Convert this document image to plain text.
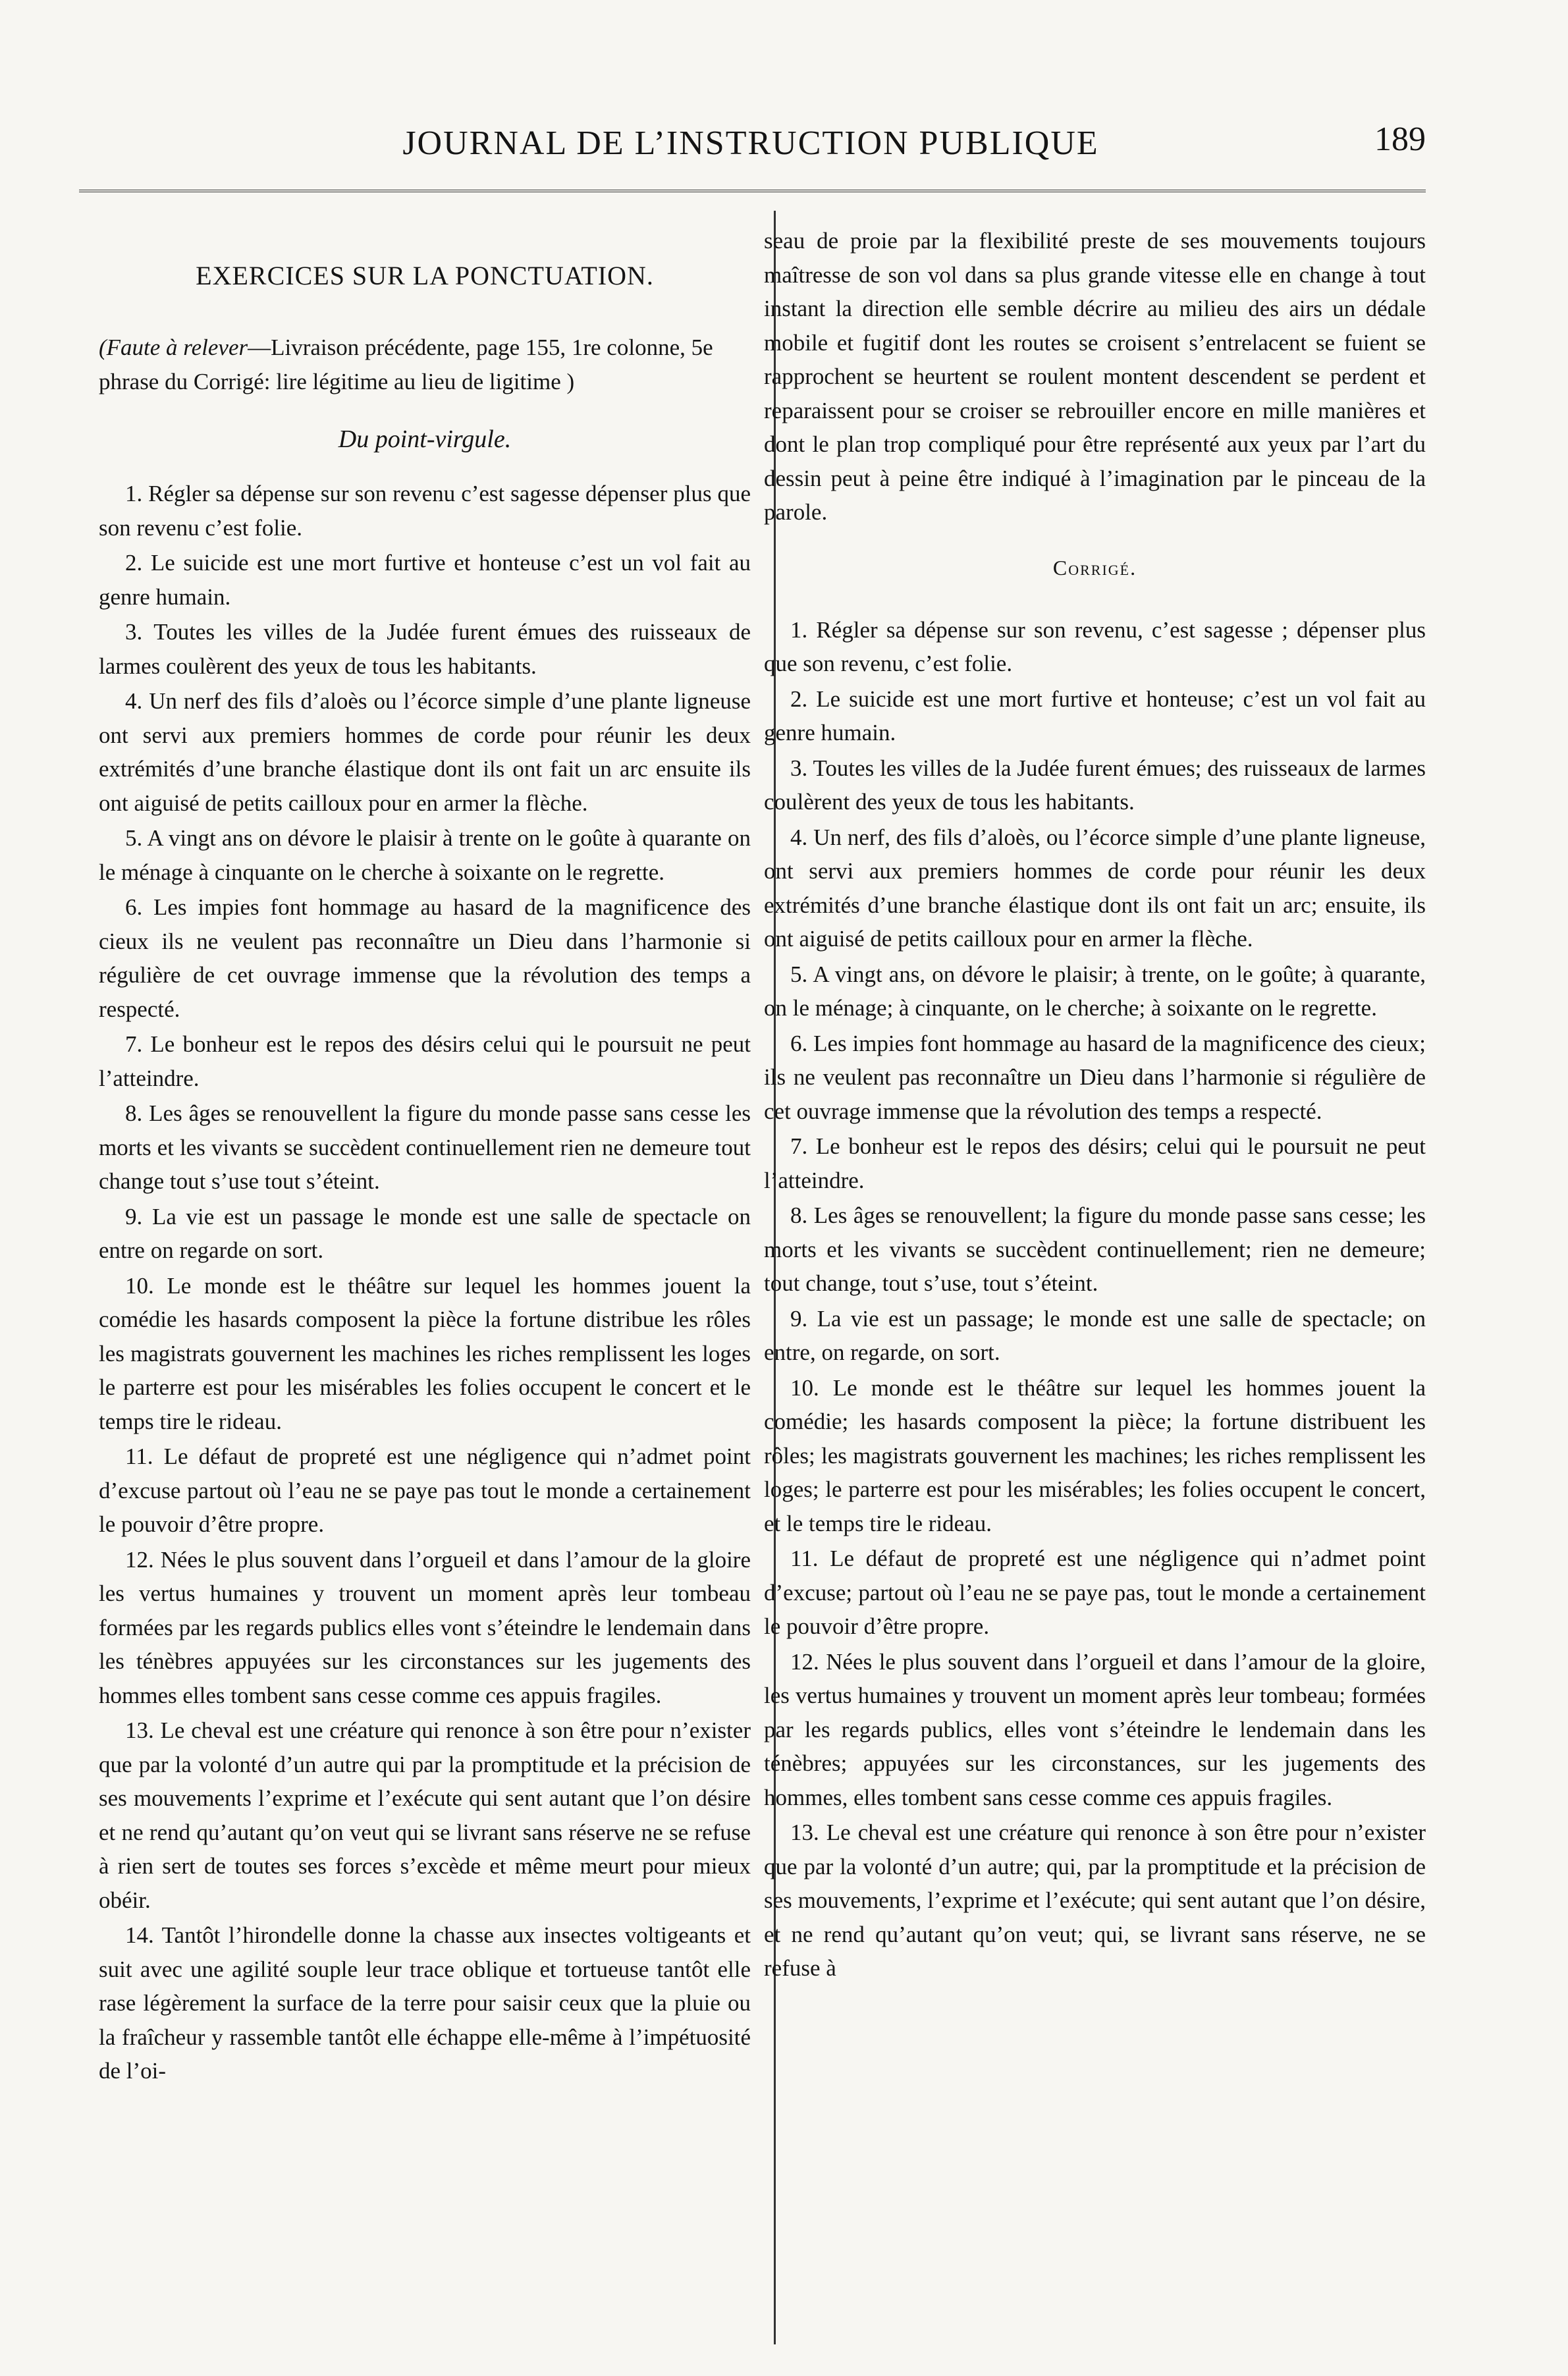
JOURNAL DE L’INSTRUCTION PUBLIQUE	189
EXERCICES SUR LA PONCTUATION.
(Faute à relever—Livraison précédente, page 155, 1re colonne, 5e phrase du Corrigé: lire légitime au lieu de ligitime )
Du point-virgule.

1. Régler sa dépense sur son revenu c’est sagesse dépenser plus que son revenu c’est folie.

2. Le suicide est une mort furtive et honteuse c’est un vol fait au genre humain.

3. Toutes les villes de la Judée furent émues des ruisseaux de larmes coulèrent des yeux de tous les habitants.

4. Un nerf des fils d’aloès ou l’écorce simple d’une plante ligneuse ont servi aux premiers hommes de corde pour réunir les deux extrémités d’une branche élastique dont ils ont fait un arc ensuite ils ont aiguisé de petits cailloux pour en armer la flèche.

5. A vingt ans on dévore le plaisir à trente on le goûte à quarante on le ménage à cinquante on le cherche à soixante on le regrette.

6. Les impies font hommage au hasard de la magnificence des cieux ils ne veulent pas reconnaître un Dieu dans l’harmonie si régulière de cet ouvrage immense que la révolution des temps a respecté.

7. Le bonheur est le repos des désirs celui qui le poursuit ne peut l’atteindre.

8. Les âges se renouvellent la figure du monde passe sans cesse les morts et les vivants se succèdent continuellement rien ne demeure tout change tout s’use tout s’éteint.

9. La vie est un passage le monde est une salle de spectacle on entre on regarde on sort.

10. Le monde est le théâtre sur lequel les hommes jouent la comédie les hasards composent la pièce la fortune distribue les rôles les magistrats gouvernent les machines les riches remplissent les loges le parterre est pour les misérables les folies occupent le concert et le temps tire le rideau.

11. Le défaut de propreté est une négligence qui n’admet point d’excuse partout où l’eau ne se paye pas tout le monde a certainement le pouvoir d’être propre.

12. Nées le plus souvent dans l’orgueil et dans l’amour de la gloire les vertus humaines y trouvent un moment après leur tombeau formées par les regards publics elles vont s’éteindre le lendemain dans les ténèbres appuyées sur les circonstances sur les jugements des hommes elles tombent sans cesse comme ces appuis fragiles.

13. Le cheval est une créature qui renonce à son être pour n’exister que par la volonté d’un autre qui par la promptitude et la précision de ses mouvements l’exprime et l’exécute qui sent autant que l’on désire et ne rend qu’autant qu’on veut qui se livrant sans réserve ne se refuse à rien sert de toutes ses forces s’excède et même meurt pour mieux obéir.

14. Tantôt l’hirondelle donne la chasse aux insectes voltigeants et suit avec une agilité souple leur trace oblique et tortueuse tantôt elle rase légèrement la surface de la terre pour saisir ceux que la pluie ou la fraîcheur y rassemble tantôt elle échappe elle-même à l’impétuosité de l’oi-

seau de proie par la flexibilité preste de ses mouvements toujours maîtresse de son vol dans sa plus grande vitesse elle en change à tout instant la direction elle semble décrire au milieu des airs un dédale mobile et fugitif dont les routes se croisent s’entrelacent se fuient se rapprochent se heurtent se roulent montent descendent se perdent et reparaissent pour se croiser se rebrouiller encore en mille manières et dont le plan trop compliqué pour être représenté aux yeux par l’art du dessin peut à peine être indiqué à l’imagination par le pinceau de la parole.

Corrigé.

1. Régler sa dépense sur son revenu, c’est sagesse ; dépenser plus que son revenu, c’est folie.

2. Le suicide est une mort furtive et honteuse; c’est un vol fait au genre humain.

3. Toutes les villes de la Judée furent émues; des ruisseaux de larmes coulèrent des yeux de tous les habitants.

4. Un nerf, des fils d’aloès, ou l’écorce simple d’une plante ligneuse, ont servi aux premiers hommes de corde pour réunir les deux extrémités d’une branche élastique dont ils ont fait un arc; ensuite, ils ont aiguisé de petits cailloux pour en armer la flèche.

5. A vingt ans, on dévore le plaisir; à trente, on le goûte; à quarante, on le ménage; à cinquante, on le cherche; à soixante on le regrette.

6. Les impies font hommage au hasard de la magnificence des cieux; ils ne veulent pas reconnaître un Dieu dans l’harmonie si régulière de cet ouvrage immense que la révolution des temps a respecté.

7. Le bonheur est le repos des désirs; celui qui le poursuit ne peut l’atteindre.

8. Les âges se renouvellent; la figure du monde passe sans cesse; les morts et les vivants se succèdent continuellement; rien ne demeure; tout change, tout s’use, tout s’éteint.

9. La vie est un passage; le monde est une salle de spectacle; on entre, on regarde, on sort.

10. Le monde est le théâtre sur lequel les hommes jouent la comédie; les hasards composent la pièce; la fortune distribuent les rôles; les magistrats gouvernent les machines; les riches remplissent les loges; le parterre est pour les misérables; les folies occupent le concert, et le temps tire le rideau.

11. Le défaut de propreté est une négligence qui n’admet point d’excuse; partout où l’eau ne se paye pas, tout le monde a certainement le pouvoir d’être propre.

12. Nées le plus souvent dans l’orgueil et dans l’amour de la gloire, les vertus humaines y trouvent un moment après leur tombeau; formées par les regards publics, elles vont s’éteindre le lendemain dans les ténèbres; appuyées sur les circonstances, sur les jugements des hommes, elles tombent sans cesse comme ces appuis fragiles.

13. Le cheval est une créature qui renonce à son être pour n’exister que par la volonté d’un autre; qui, par la promptitude et la précision de ses mouvements, l’exprime et l’exécute; qui sent autant que l’on désire, et ne rend qu’autant qu’on veut; qui, se livrant sans réserve, ne se refuse à
